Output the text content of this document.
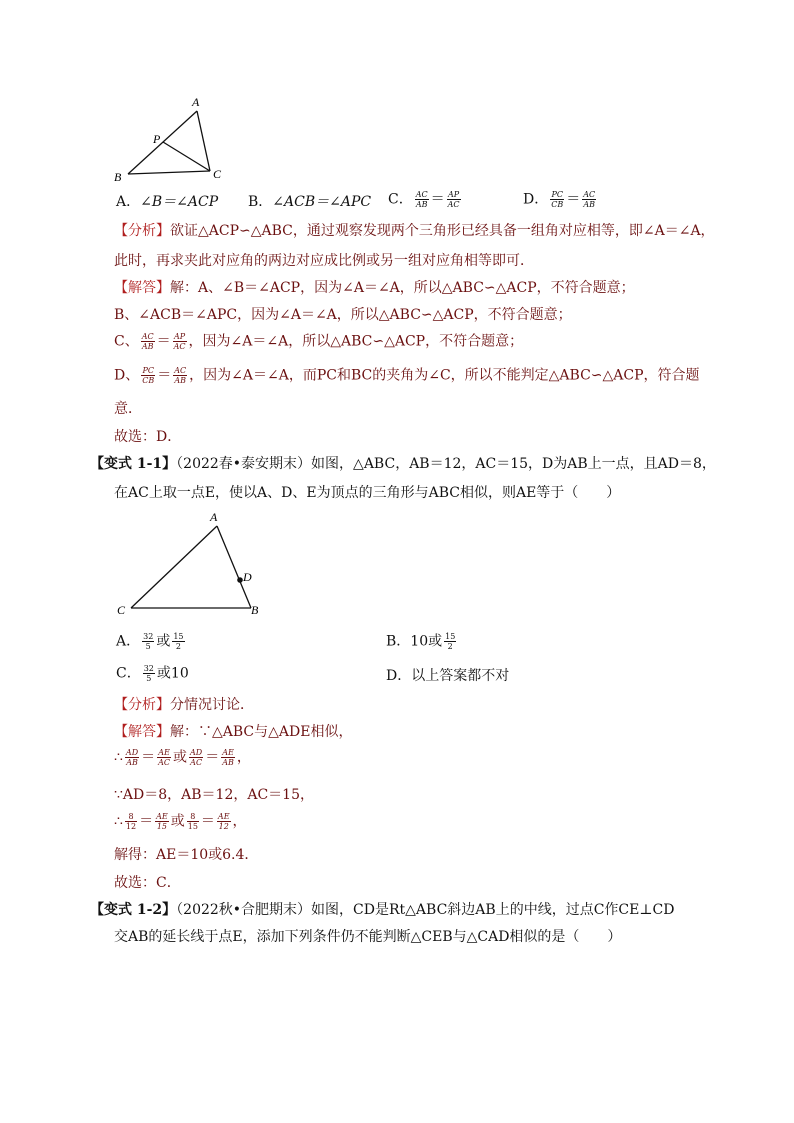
A
P
B	C
A．∠B＝∠ACP B．∠ACB＝∠APC C． $\frac{AC}{AB} = \frac{AP}{AC}$	D． $\frac{PC}{CB} = \frac{AC}{AB}$
【分析】欲证△ACP∽△ABC，通过观察发现两个三角形已经具备一组角对应相等，即∠A＝∠A，
此时，再求夹此对应角的两边对应成比例或另一组对应角相等即可．
【解答】解：A、∠B＝∠ACP，因为∠A＝∠A，所以△ABC∽△ACP，不符合题意；
B、∠ACB＝∠APC，因为∠A＝∠A，所以△ABC∽△ACP，不符合题意；
C、 $\frac{AC}{AB} = \frac{AP}{AC}$ ，因为∠A＝∠A，所以△ABC∽△ACP，不符合题意；
D、 $\frac{PC}{CB} = \frac{AC}{AB}$ ，因为∠A＝∠A，而PC和BC的夹角为∠C，所以不能判定△ABC∽△ACP，符合题
意．
故选：D．
【变式 1-1】（2022春•泰安期末）如图，△ABC，AB＝12，AC＝15，D为AB上一点，且AD＝8，
在AC上取一点E，使以A、D、E为顶点的三角形与ABC相似，则AE等于（　　）
A
D
C	B
A． $\frac{32}{5}$ 或 $\frac{15}{2}$	B．10或 $\frac{15}{2}$
C． $\frac{32}{5}$ 或10	D．以上答案都不对
【分析】分情况讨论．
【解答】解：∵△ABC与△ADE相似，
∴ $\frac{AD}{AB} = \frac{AE}{AC}$ 或 $\frac{AD}{AC} = \frac{AE}{AB}$ ，
∵AD＝8，AB＝12，AC＝15，
∴ $\frac{8}{12} = \frac{AE}{15}$ 或 $\frac{8}{15} = \frac{AE}{12}$ ，
解得：AE＝10或6.4．
故选：C．
【变式 1-2】（2022秋•合肥期末）如图，CD是Rt△ABC斜边AB上的中线，过点C作CE⊥CD
交AB的延长线于点E，添加下列条件仍不能判断△CEB与△CAD相似的是（　　）
